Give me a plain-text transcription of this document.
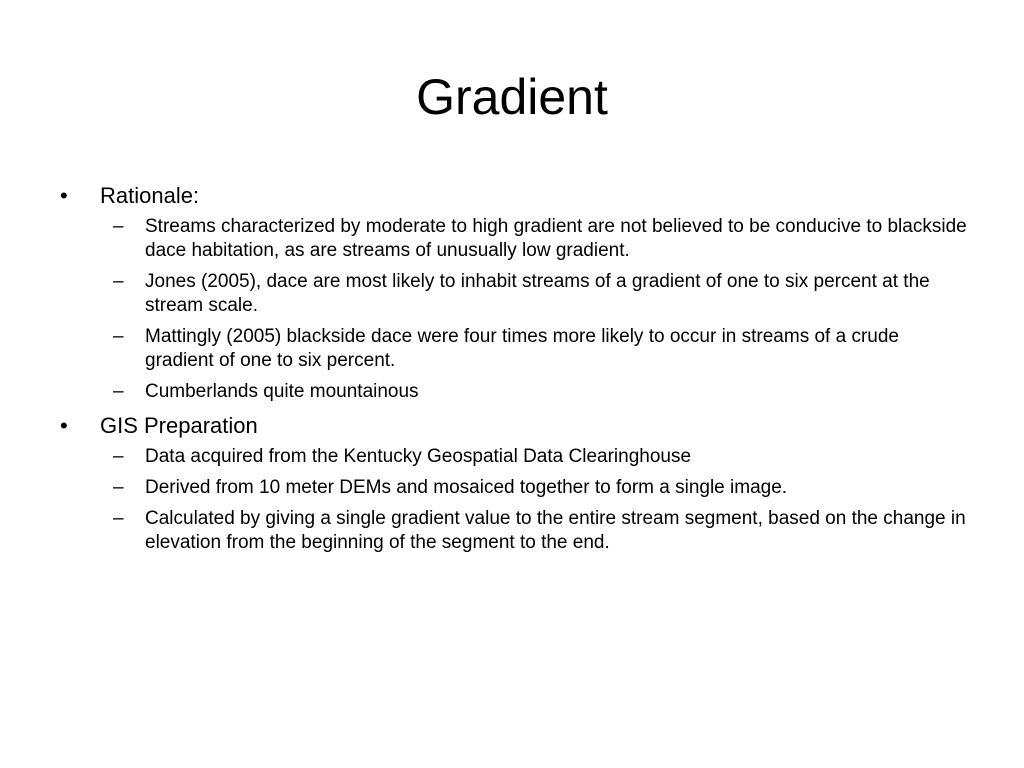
Gradient
• Rationale:
– Streams characterized by moderate to high gradient are not believed to be conducive to blackside dace habitation, as are streams of unusually low gradient.
– Jones (2005), dace are most likely to inhabit streams of a gradient of one to six percent at the stream scale.
– Mattingly (2005) blackside dace were four times more likely to occur in streams of a crude gradient of one to six percent.
– Cumberlands quite mountainous
• GIS Preparation
– Data acquired from the Kentucky Geospatial Data Clearinghouse
– Derived from 10 meter DEMs and mosaiced together to form a single image.
– Calculated by giving a single gradient value to the entire stream segment, based on the change in elevation from the beginning of the segment to the end.
